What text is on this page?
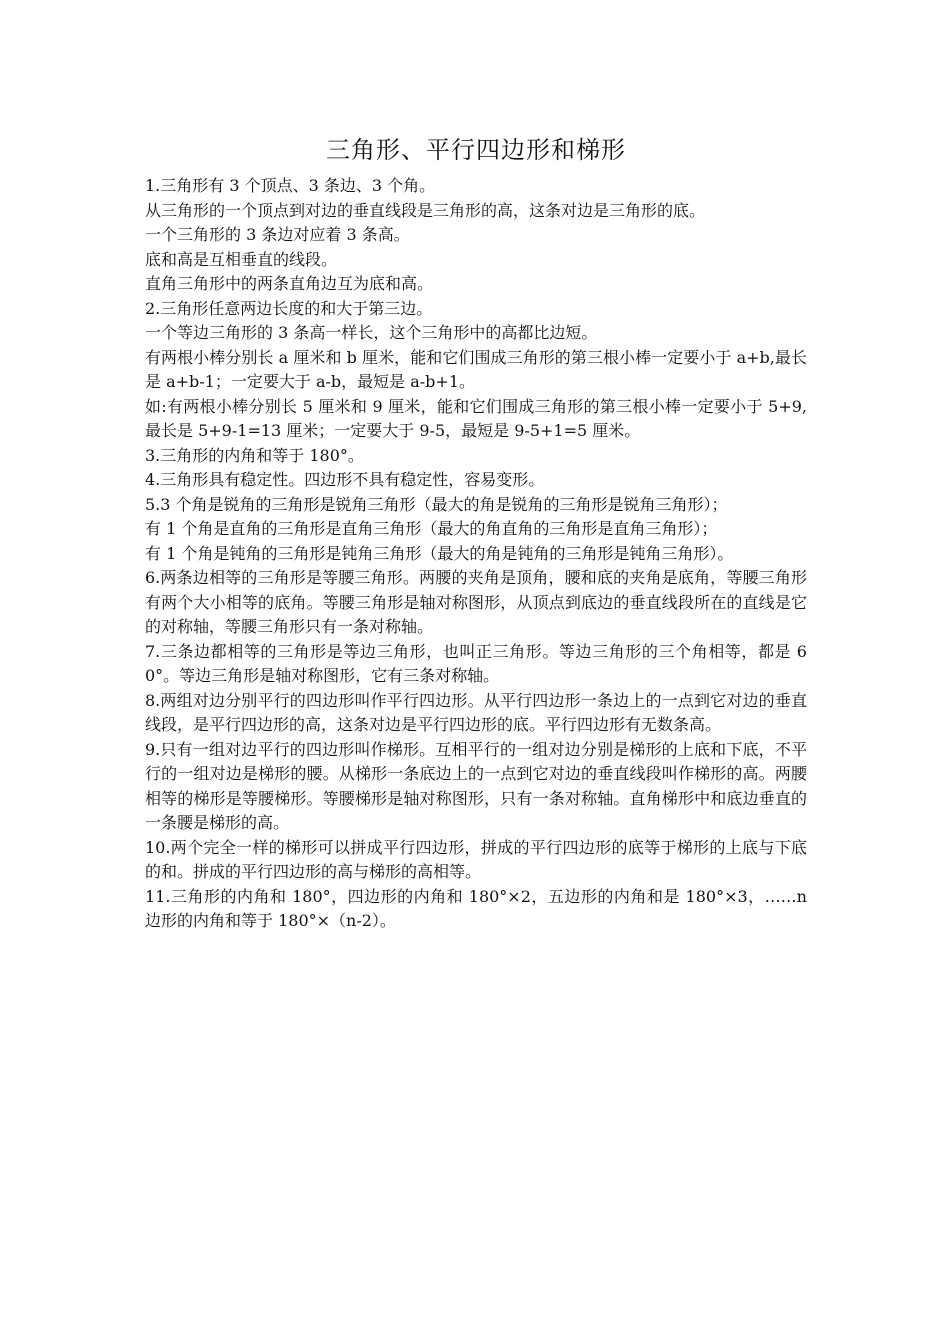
三角形、平行四边形和梯形

1.三角形有 3 个顶点、3 条边、3 个角。

从三角形的一个顶点到对边的垂直线段是三角形的高，这条对边是三角形的底。

一个三角形的 3 条边对应着 3 条高。

底和高是互相垂直的线段。

直角三角形中的两条直角边互为底和高。

2.三角形任意两边长度的和大于第三边。

一个等边三角形的 3 条高一样长，这个三角形中的高都比边短。

有两根小棒分别长 a 厘米和 b 厘米，能和它们围成三角形的第三根小棒一定要小于 a+b,最长是 a+b-1；一定要大于 a-b，最短是 a-b+1。

如:有两根小棒分别长 5 厘米和 9 厘米，能和它们围成三角形的第三根小棒一定要小于 5+9,最长是 5+9-1=13 厘米；一定要大于 9-5，最短是 9-5+1=5 厘米。

3.三角形的内角和等于 180°。

4.三角形具有稳定性。四边形不具有稳定性，容易变形。

5.3 个角是锐角的三角形是锐角三角形（最大的角是锐角的三角形是锐角三角形）；

有 1 个角是直角的三角形是直角三角形（最大的角直角的三角形是直角三角形）；

有 1 个角是钝角的三角形是钝角三角形（最大的角是钝角的三角形是钝角三角形）。

6.两条边相等的三角形是等腰三角形。两腰的夹角是顶角，腰和底的夹角是底角，等腰三角形有两个大小相等的底角。等腰三角形是轴对称图形，从顶点到底边的垂直线段所在的直线是它的对称轴，等腰三角形只有一条对称轴。

7.三条边都相等的三角形是等边三角形，也叫正三角形。等边三角形的三个角相等，都是 60°。等边三角形是轴对称图形，它有三条对称轴。

8.两组对边分别平行的四边形叫作平行四边形。从平行四边形一条边上的一点到它对边的垂直线段，是平行四边形的高，这条对边是平行四边形的底。平行四边形有无数条高。

9.只有一组对边平行的四边形叫作梯形。互相平行的一组对边分别是梯形的上底和下底，不平行的一组对边是梯形的腰。从梯形一条底边上的一点到它对边的垂直线段叫作梯形的高。两腰相等的梯形是等腰梯形。等腰梯形是轴对称图形，只有一条对称轴。直角梯形中和底边垂直的一条腰是梯形的高。

10.两个完全一样的梯形可以拼成平行四边形，拼成的平行四边形的底等于梯形的上底与下底的和。拼成的平行四边形的高与梯形的高相等。

11.三角形的内角和 180°，四边形的内角和 180°×2，五边形的内角和是 180°×3，……n 边形的内角和等于 180°×（n-2）。
